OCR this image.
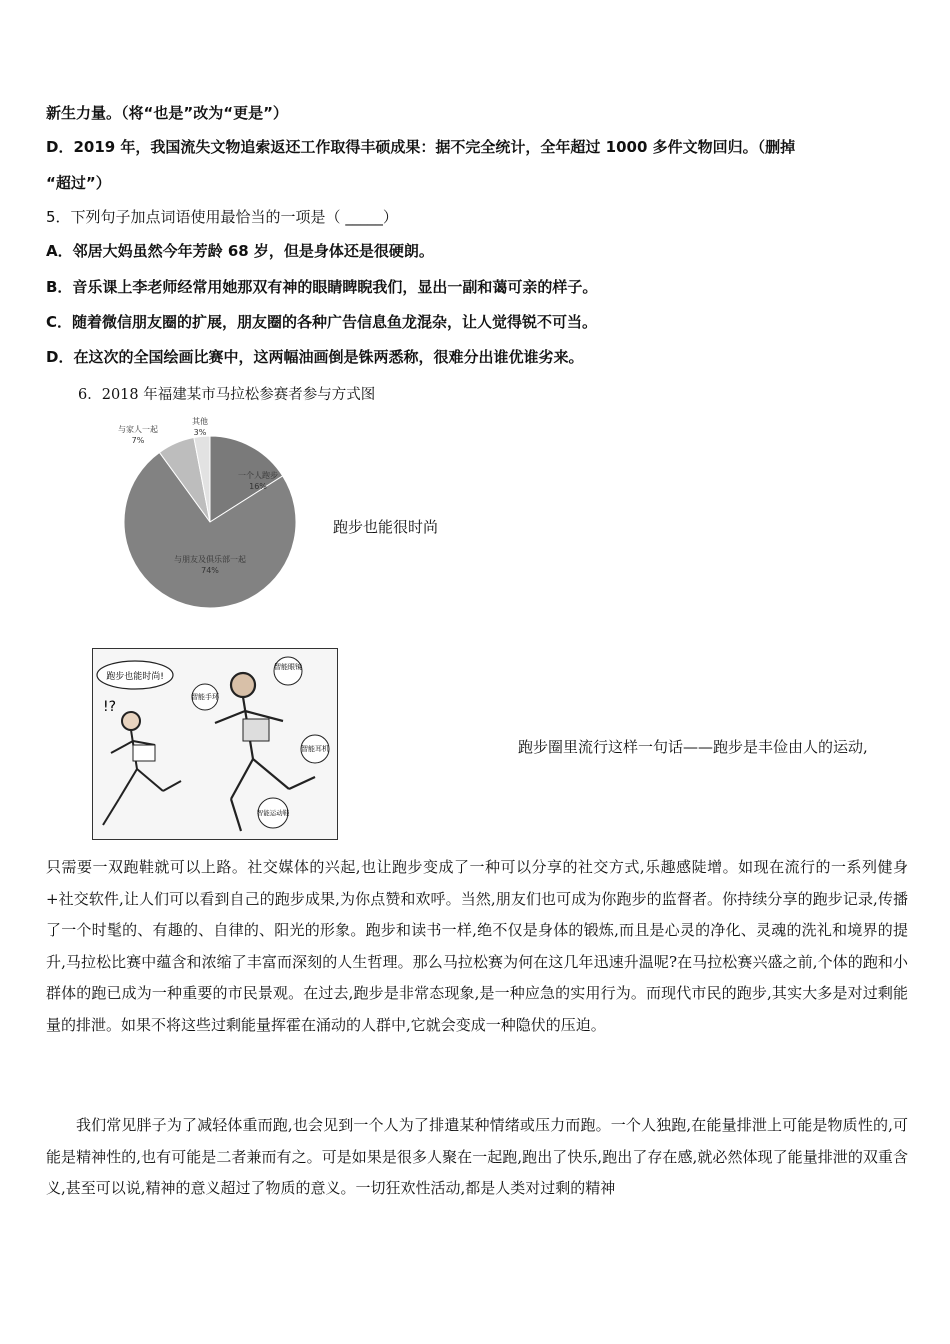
新生力量。（将“也是”改为“更是”）
D．2019 年，我国流失文物追索返还工作取得丰硕成果：据不完全统计，全年超过 1000 多件文物回归。（删掉
“超过”）
5．下列句子加点词语使用最恰当的一项是（ _____）
A．邻居大妈虽然今年芳龄 68 岁，但是身体还是很硬朗。
B．音乐课上李老师经常用她那双有神的眼睛睥睨我们，显出一副和蔼可亲的样子。
C．随着微信朋友圈的扩展，朋友圈的各种广告信息鱼龙混杂，让人觉得锐不可当。
D．在这次的全国绘画比赛中，这两幅油画倒是铢两悉称，很难分出谁优谁劣来。
6．2018 年福建某市马拉松参赛者参与方式图
一个人跑步
16%
与朋友及俱乐部一起
74%
与家人一起
7%
其他
3%
跑步也能很时尚
跑步也能时尚!
!?
智能眼镜
智能手环
智能耳机
智能运动鞋
跑步圈里流行这样一句话——跑步是丰俭由人的运动,
只需要一双跑鞋就可以上路。社交媒体的兴起,也让跑步变成了一种可以分享的社交方式,乐趣感陡增。如现在流行的一系列健身+社交软件,让人们可以看到自己的跑步成果,为你点赞和欢呼。当然,朋友们也可成为你跑步的监督者。你持续分享的跑步记录,传播了一个时髦的、有趣的、自律的、阳光的形象。跑步和读书一样,绝不仅是身体的锻炼,而且是心灵的净化、灵魂的洗礼和境界的提升,马拉松比赛中蕴含和浓缩了丰富而深刻的人生哲理。那么马拉松赛为何在这几年迅速升温呢?在马拉松赛兴盛之前,个体的跑和小群体的跑已成为一种重要的市民景观。在过去,跑步是非常态现象,是一种应急的实用行为。而现代市民的跑步,其实大多是对过剩能量的排泄。如果不将这些过剩能量挥霍在涌动的人群中,它就会变成一种隐伏的压迫。
我们常见胖子为了减轻体重而跑,也会见到一个人为了排遣某种情绪或压力而跑。一个人独跑,在能量排泄上可能是物质性的,可能是精神性的,也有可能是二者兼而有之。可是如果是很多人聚在一起跑,跑出了快乐,跑出了存在感,就必然体现了能量排泄的双重含义,甚至可以说,精神的意义超过了物质的意义。一切狂欢性活动,都是人类对过剩的精神
